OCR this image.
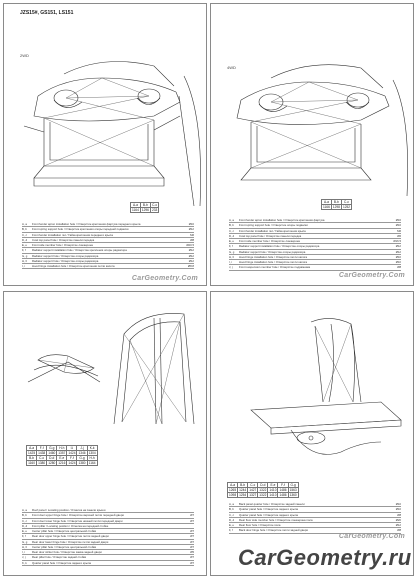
JZS15#, GS151, LS151
2WD
A-a	B-b	C-c
1164	1296	233
A, a	Front fender apron installation hole / Отверстие крепления фартука переднего крыла	Ø16
B, b	Front spring support hole / Отверстие крепления опоры передней подвески	Ø12
C, c	Front fender installation nut / Гайка крепления переднего крыла	M6
D, d	Cowl top panel hole / Отверстие панели передка	Ø8
E, e	Front side member hole / Отверстие лонжерона	Ø20.5
F, f	Radiator support installation hole / Отверстие крепления опоры радиатора	Ø12
G, g	Radiator support hole / Отверстие опоры радиатора	Ø12
H, h	Radiator support hole / Отверстие опоры радиатора	Ø12
I, i	Hood hinge installation hole / Отверстие крепления петли капота	Ø8.8
CarGeometry.Com
4WD
A-a	B-b	C-c
1166	1298	1252
A, a	Front fender apron installation hole / Отверстие крепления фартука	Ø16
B, b	Front spring support hole / Отверстие опоры подвески	Ø16
C, c	Front fender installation nut / Гайка крепления крыла	M6
D, d	Cowl top panel hole / Отверстие панели передка	Ø6
E, e	Front side member hole / Отверстие лонжерона	Ø16.5
F, f	Radiator support installation hole / Отверстие опоры радиатора	Ø12
G, g	Radiator support hole / Отверстие опоры радиатора	Ø12
H, h	Hood hinge installation hole / Отверстие петли капота	Ø10
I, i	Hood hinge installation hole / Отверстие петли капота	Ø10
J, j	Front suspension member hole / Отверстие подрамника	Ø8
CarGeometry.Com
A-a	F-f	G-g	H-h	I-i	J-j	K-k
1425	1438	1460	1357	1424	1346	1304
B-b	C-c	D-d	E-e	F-f	G-g	H-h
1160	1380	1280	1216	1424	1380	1164
A, a	Roof panel / Locating position / Отметка на панели крыши
B, b	Front door upper hinge hole / Отверстие верхней петли передней двери	Ø7
C, c	Front door lower hinge hole / Отверстие нижней петли передней двери	Ø7
D, d	Front pillar / Locating position / Отметка на передней стойке
E, e	Center pillar hole / Отверстие центральной стойки	Ø7
F, f	Rear door upper hinge hole / Отверстие петли задней двери	Ø7
G, g	Rear door lower hinge hole / Отверстие петли задней двери	Ø7
H, h	Center pillar hole / Отверстие центральной стойки	Ø7
I, i	Rear door striker hole / Отверстие замка задней двери	Ø5
J, j	Rear pillar hole / Отверстие задней стойки	Ø7
K, k	Quarter panel hole / Отверстие заднего крыла	Ø7
A-a	B-b	C-c	D-d	E-e	F-f	G-g
1265	1244	1427	1322	1410	1486	1563
1098	1254	1327	1322	1410	1486	1360
A, a	Back panel quarter hole / Отверстие задней панели	Ø10
B, b	Quarter panel hole / Отверстие заднего крыла	Ø10
C, c	Quarter panel hole / Отверстие заднего крыла	Ø8
D, d	Rear floor side member hole / Отверстие лонжерона пола	Ø20
E, e	Rear floor hole / Отверстие пола	Ø12
F, f	Back door hinge hole / Отверстие петли задней двери	Ø8
CarGeometry.Com
CarGeometry.ru
